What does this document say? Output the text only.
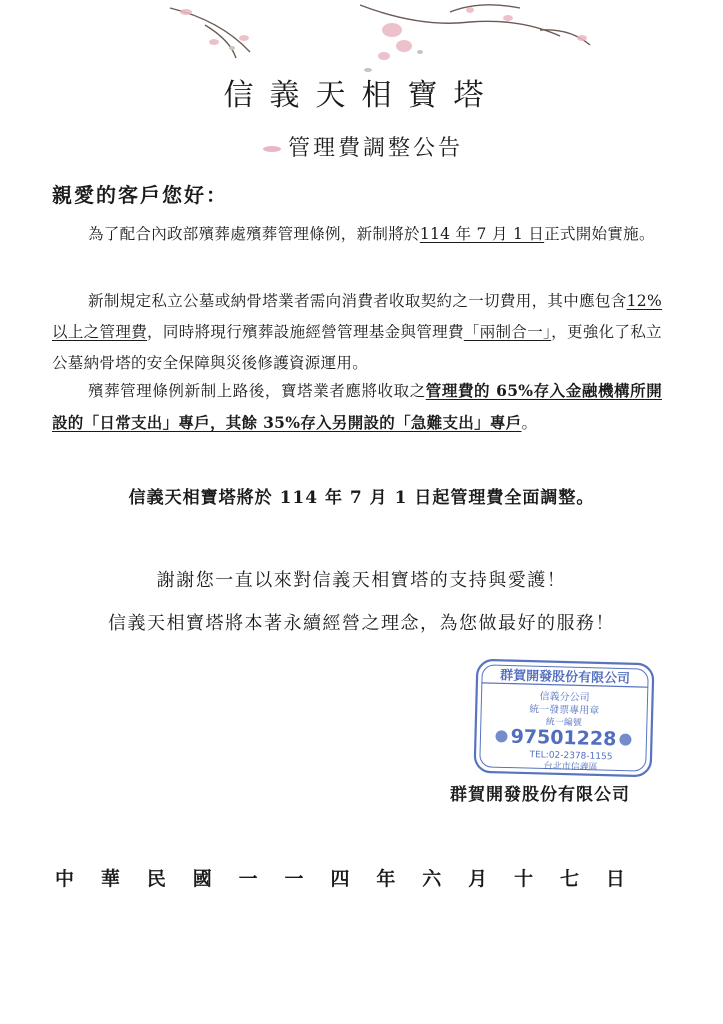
信義天相寶塔
管理費調整公告
親愛的客戶您好：
為了配合內政部殯葬處殯葬管理條例，新制將於114 年 7 月 1 日正式開始實施。
新制規定私立公墓或納骨塔業者需向消費者收取契約之一切費用，其中應包含12%以上之管理費，同時將現行殯葬設施經營管理基金與管理費「兩制合一」，更強化了私立公墓納骨塔的安全保障與災後修護資源運用。
殯葬管理條例新制上路後，寶塔業者應將收取之管理費的 65%存入金融機構所開設的「日常支出」專戶，其餘 35%存入另開設的「急難支出」專戶。
信義天相寶塔將於 114 年 7 月 1 日起管理費全面調整。
謝謝您一直以來對信義天相寶塔的支持與愛護！
信義天相寶塔將本著永續經營之理念，為您做最好的服務！
群賀開發股份有限公司
信義分公司
統一發票專用章
統一編號
97501228
TEL:02-2378-1155
台北市信義區
群賀開發股份有限公司
中 華 民 國 一 一 四 年 六 月 十 七 日
